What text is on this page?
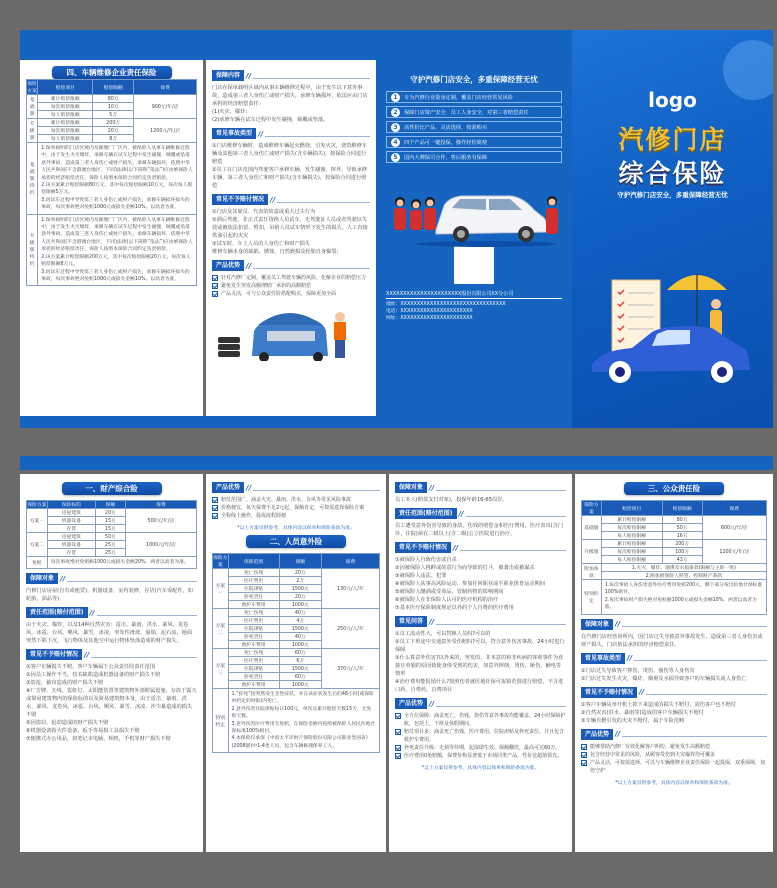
四、车辆维修企业责任保险
保险方案	赔偿项目	赔偿限额	保费
基础版	累计赔偿限额	80万	900元/年/店
	每次赔偿限额	10万	
	每人赔偿限额	5万	
升级版	累计赔偿限额	200万	1200元/年/店
	每次赔偿限额	20万	
	每人赔偿限额	8万	
基础版特约	1.保单载明的门店区域内及修理厂厂区内，被保险人从事车辆维修过程中，由于发生火灾爆炸，承修车辆在试车过程中发生碰撞，倾覆或坠落意外事故，造成第三者人身伤亡或财产损失，承修车辆损坏，依照中华人民共和国(不含港澳台地区，下同)法律(以下简称“依法”)应由被保险人承担的经济赔偿责任，保险人按照本保险合同约定负责赔偿。
2.该方案累计赔偿限额80万元，其中每次赔偿限额10万元，每次每人赔偿限额5万元。
3.因试车过程中导致第三者人身伤亡或财产损失，承修车辆损坏损失的事故，每次事故绝对免赔1000元或损失金额10%，以高者为准。		
升级版特约	1.保单载明的门店区域内及修理厂厂区内，被保险人从事车辆维修过程中，由于发生火灾爆炸，承修车辆在试车过程中发生碰撞，倾覆或坠落意外事故，造成第三者人身伤亡或财产损失，承修车辆损坏，依照中华人民共和国(不含港澳台地区，下同)法律(以下简称“依法”)应由被保险人承担的经济赔偿责任，保险人按照本保险合同约定负责赔偿。
2.该方案累计赔偿限额200万元，其中每次赔偿限额20万元，每次每人赔偿限额8万元。
3.因试车过程中导致第三者人身伤亡或财产损失，承修车辆损坏损失的事故，每次事故绝对免赔1000元或损失金额10%，以高者为准。		
保障内容 //
门店在保单载明区域内从事车辆维修过程中，由于发生以下意外事故，造成第三者人身伤亡或财产损失，承修车辆损坏，依法应由门店承担的经济赔偿责任：
(1)火灾、爆炸；
(2)承修车辆在试车过程中发生碰撞，倾覆或坠落。
常见事故类型 //
①门店维修车辆时，造成维修车辆起火燃烧，引发火灾，烧毁维修车辆及其他第三者人身伤亡或财产损失(含车辆损失)，按保险合同进行赔偿
②员工在门店范围内驾驶客户承修车辆，发生碰撞，摔坏，导致承修车辆，第三者人身伤亡和财产损失(含车辆损失)，按保险合同进行赔偿
常见不予赔付情况 //
①门店及其雇员、代表的故意或重大过失行为
②酒后驾驶，非正式责任资格人员试车，无驾驶证人员或者驾驶证失效或被依法扣留、暂扣，吊销人员试车情形下发生的损失，人工直接供油引起的火灾
③试车时，车上人员的人身伤亡和财产损失
维修车辆本身的缺陷，锈蚀，自然磨损及轮胎自身爆裂；
产品优势 //
针对汽修厂定制，覆盖员工驾驶车辆的风险，化解企业的赔偿压力
避免发生突发高额理赔厂承担的高额赔偿
产品灵活，可与公众责任险搭配购买，保障更加全面
守护汽修门店安全，多重保障经营无忧
1	专为汽修行业量身定制，覆盖门店经营常见风险
2	保障门店资产安全、员工人身安全，对第三者赔偿责任
3	高性价比产品，灵活选择，按需购买
4	四个产品可一键投保，操作轻松简便
5	国内大牌保司合作，售后服务有保障
XXXXXXXXXXXXXXXXXXXXXX股份有限公司XX分公司
地址：XXXXXXXXXXXXXXXXXXXXXXXXXXXXXXXX
电话：XXXXXXXXXXXXXXXXXXXXXX
网址：XXXXXXXXXXXXXXXXXXXXXX
logo
汽修门店
综合保险
守护汽修门店安全，多重保障经营无忧
一、财产综合险
保险方案	保险标的	保额	保费
方案一	房屋建筑	20万	500元/年/店
	机器设备	15万	
	存货	15万	
方案二	房屋建筑	50万	1000元/年/店
	机器设备	25万	
	存货	25万	
免赔	每次事故绝对免赔额1000元或损失金额20%，两者以高者为准。		
保障对象 //
汽修门店房屋(自有或租赁)，机器设备，室内装修，存货(汽车零配件，如轮胎，油品等)
责任范围(赔付范围) //
由于火灾、爆炸，以及14种自然灾害：雷击、暴雨、洪水、暴风、龙卷风、冰雹、台风、飓风、暴雪、冰凌、突发性滑坡、崩塌、泥石流、地面突然下陷下沉，飞行物体及其他空中运行物体坠落造成的财产损失。
常见不予赔付情况 //
①客户车辆损失不赔，客户车辆属于公众责任险责任范围
②因员工操作不当，技术缺陷造成机器设备的财产损失不赔
③盗抢，偷窃造成的财产损失不赔
④广告牌、天线、霓虹灯、太阳能装置等建筑物外部附属设施，存放于露天或简易建筑物内的保险标的以及简易建筑物本身，由于雷击、暴雨、洪水、暴风、龙卷风、冰雹、台风、飓风、暴雪、冰凌、沙尘暴造成的损失不赔
⑤因盗窃、抢劫造成的财产损失不赔
⑥机器设备指大件设备，扳手等易损工具损失不赔
⑦便携式办公用品，如笔记本电脑，相机，手机等财产损失不赔
产品优势 //
赔付范围广，涵盖火灾、暴雨、洪水、台风等常见风险事故
价格便宜，每天保费不足2元起，保额肯定，可按需选择保险方案
全程线上操作，投保流程简便
*以上方案仅供参考，具体内容以保单和保险条款为准。
二、人员意外险
保险方案	保障范围	保额	保费
方案一	死亡伤残	20万	130元/人/年
	医疗费用	2万	
	住院津贴	1500元	
	猝死责任	20万	
	救护车费用	1000元	
方案二	死亡伤残	40万	250元/人/年
	医疗费用	4万	
	住院津贴	1500元	
	猝死责任	40万	
	救护车费用	1000元	
方案三	死亡伤残	60万	370元/人/年
	医疗费用	6万	
	住院津贴	1500元	
	猝死责任	60万	
	救护车费用	1000元	
特别约定	1.“猝死”指突然发生急性症状，并在该症状发生后的48小时(或保险单约定的时限)内死亡。
2.意外伤害住院津贴每日100元，单次及累计赔偿天数15天，无免赔天数。
3.意外伤害医疗费用无免赔，在保险金额内按照被保险人居民医地社保标准100%赔付。
4.本保险仅承保《中国太平洋财产保险股份有限公司职业类别表》(2008版)中1-4类人员，包含车辆修理保养工人。		
保障对象 //
员工本人(赔款支付对象)，投保年龄16-65周岁。
责任范围(赔付范围) //
员工遭受意外伤害导致的身故、伤残的赔偿金和医疗费用，医疗表出(含门诊，住院)须在二级以上(含二级)公立医院进行治疗。
常见不予赔付情况 //
①被保险人自致伤害或自杀
②因被保险人挑衅或故意行为而导致的打斗，被袭击或被谋杀
③被保险人违法、犯罪
④被保险人从事高风险运动，参加任何职业或半职业体育运动期间
⑤被保险人酗酒或受毒品，管制药物的影响期间
⑥被保险人在非保险人认可的医疗机构的治疗
⑦基本医疗保险制度规定以外的个人自费的医疗费用
常见问答 //
①员工流动性大，可以替换人员吗?可以的
②员工下班途中交通意外受伤赔吗?可以，符合意外伤害事故，24小时进行保障
③什么算意外伤害?以外来的，突发的，非本意的和非疾病的客观事件为直接且单独的原因致使身体受到的伤害，如意外摔倒，烫伤，砸伤，触电等情形
④治疗费用能报销什么?按照伤者就医地社保可报销范围进行赔偿，不含进口药，自费药，自费项目
产品优势 //
全方位保障：涵盖死亡，伤残，烧伤等意外事故均能覆盖，24小时保障护航，包括上，下班及休假期间。
赔付项目多：涵盖死亡伤残，医疗费用，住院津贴及猝死责任，并且包含救护车费用。
猝死责任升级：无须等待期，起保即生效，保额翻倍，最高可达60万。
医疗费用0免赔额，保费价格显著低于市场同类产品，性价比超值领先。
*以上方案仅供参考，具体内容以保单和保险条款为准。
三、公众责任险
保险方案	赔偿项目	赔偿限额	保费
基础版	累计赔偿限额	80万	600元/年/店
	每次赔偿限额	50万	
	每人赔偿限额	16万	
升级版	累计赔偿限额	200万	1200元/年/店
	每次赔偿限额	100万	
	每人赔偿限额	43万	
附加条款	1.火灾、爆炸、烟熏及水损条款(限额与主险一致)		
	2.附加被保险人照管、控制财产条款		
特别约定	1.每次事故人身伤害意外医疗费用免赔200元，剩下部分按出险地社保标准100%赔付。
2.每次事故财产损失绝对免赔额1000元或损失金额10%，两者以高者为准。		
保障对象 //
在汽修门店经营场所内，因门店过失导致意外事故发生，造成第三者人身伤害或财产损失，门店依法承担的经济赔偿责任。
常见事故类型 //
①门店过失导致客户摔伤，烫伤，撞伤等人身伤害
②门店过失发生火灾，爆炸，烟熏及水损导致客户的车辆损失或人身伤亡
常见不予赔付情况 //
①客户车辆从举升机上掉下来造成的损失不赔付，需伤客户也不赔付
②自然灾害(洪水、暴雨等)造成的客户车辆损失不赔付
③车辆自燃引发的火灾不赔付，属于车险范畴
产品优势 //
能够帮助汽修厂有效化解客户纠纷，避免发生高额赔偿
包含经营中常见的风险，从顾客受伤到火灾爆炸均可覆盖
产品灵活，可按需选择，可以与车辆维修企业责任保险一起投保，双重保障，加倍守护
*以上方案仅供参考，具体内容以保单和保险条款为准。
